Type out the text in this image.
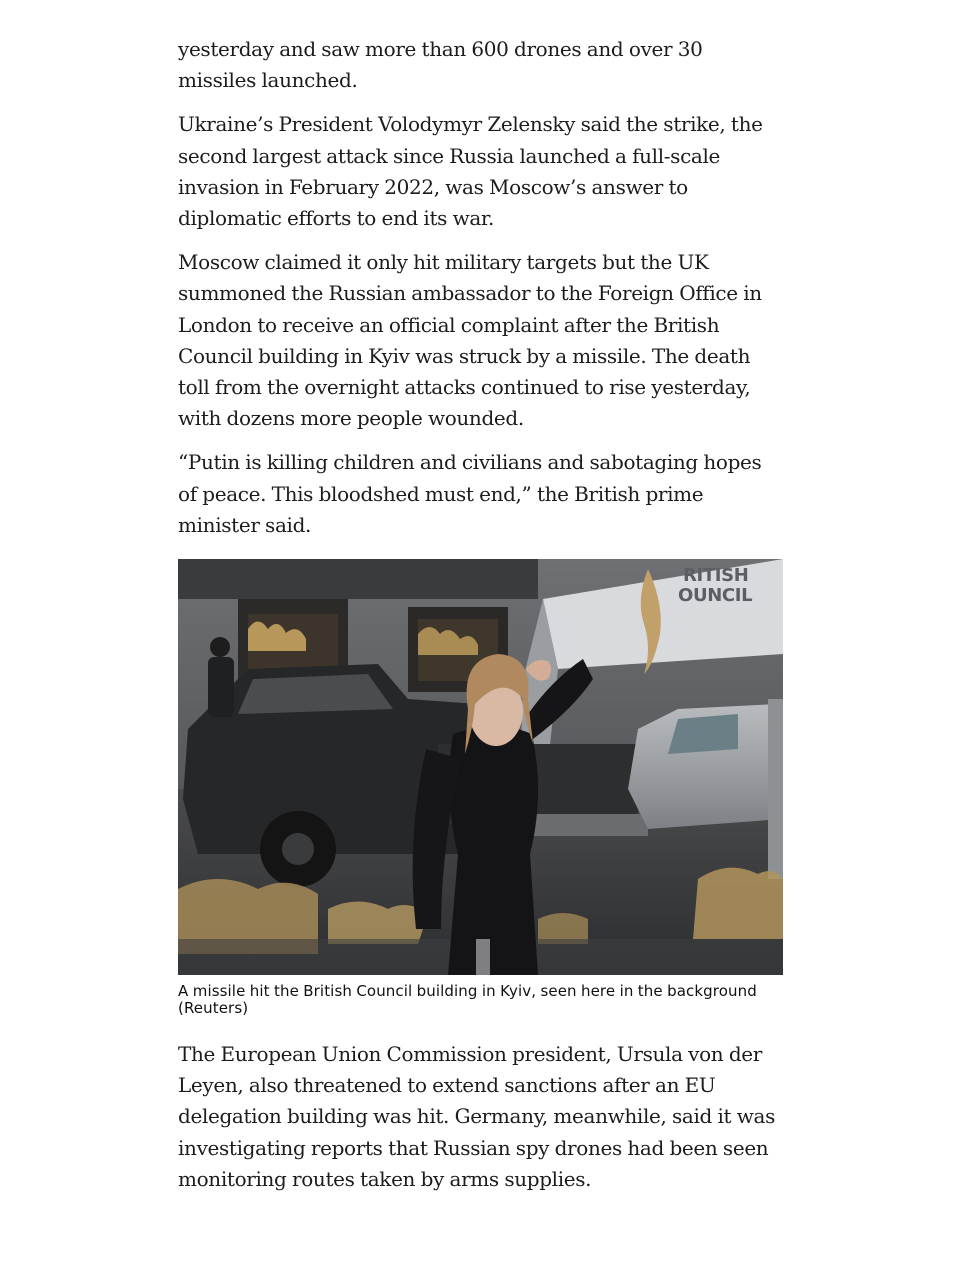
yesterday and saw more than 600 drones and over 30 missiles launched.

Ukraine’s President Volodymyr Zelensky said the strike, the second largest attack since Russia launched a full-scale invasion in February 2022, was Moscow’s answer to diplomatic efforts to end its war.

Moscow claimed it only hit military targets but the UK summoned the Russian ambassador to the Foreign Office in London to receive an official complaint after the British Council building in Kyiv was struck by a missile. The death toll from the overnight attacks continued to rise yesterday, with dozens more people wounded.

“Putin is killing children and civilians and sabotaging hopes of peace. This bloodshed must end,” the British prime minister said.

RITISH
OUNCIL
A missile hit the British Council building in Kyiv, seen here in the background (Reuters)

The European Union Commission president, Ursula von der Leyen, also threatened to extend sanctions after an EU delegation building was hit. Germany, meanwhile, said it was investigating reports that Russian spy drones had been seen monitoring routes taken by arms supplies.
